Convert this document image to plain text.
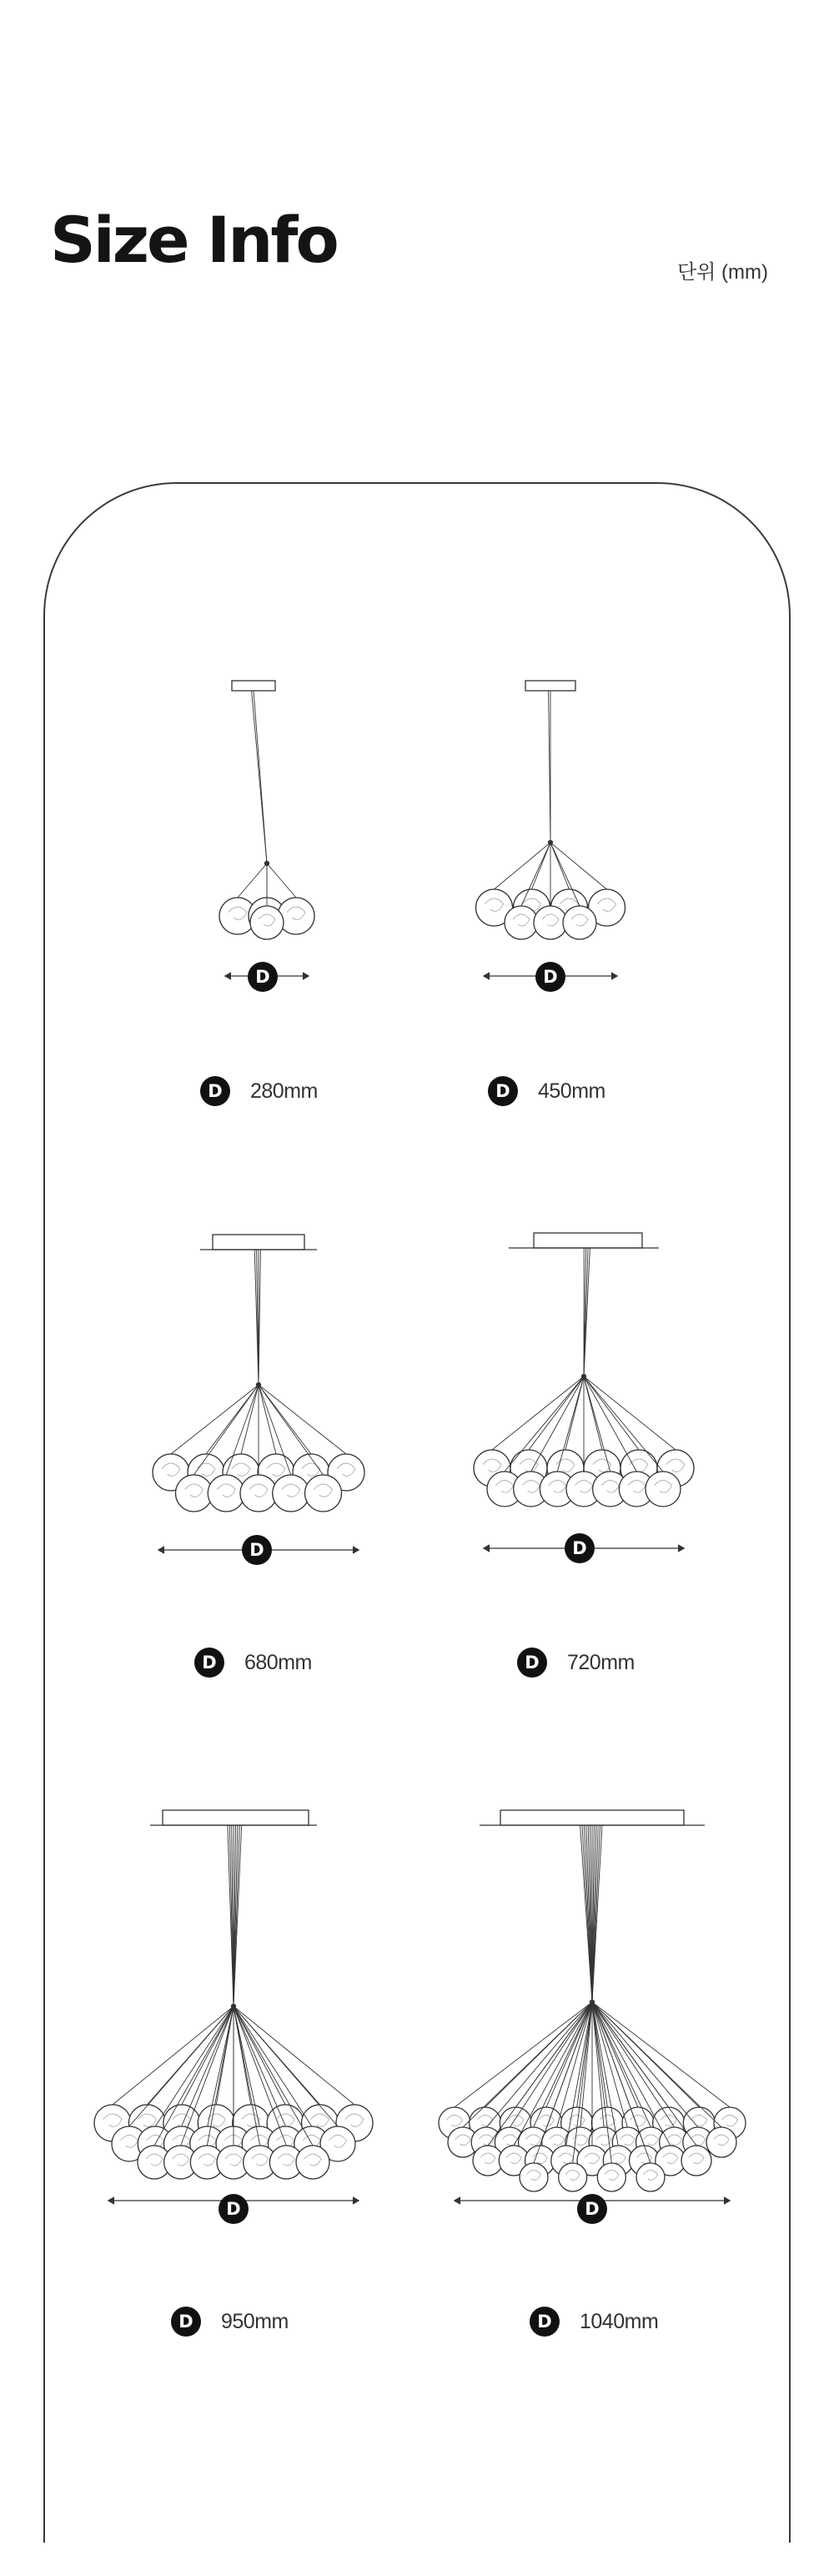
Size Info	단위 (mm)
D
D	280mm
D
D	450mm
D
D	680mm
D
D	720mm
D
D	950mm
D
D	1040mm
